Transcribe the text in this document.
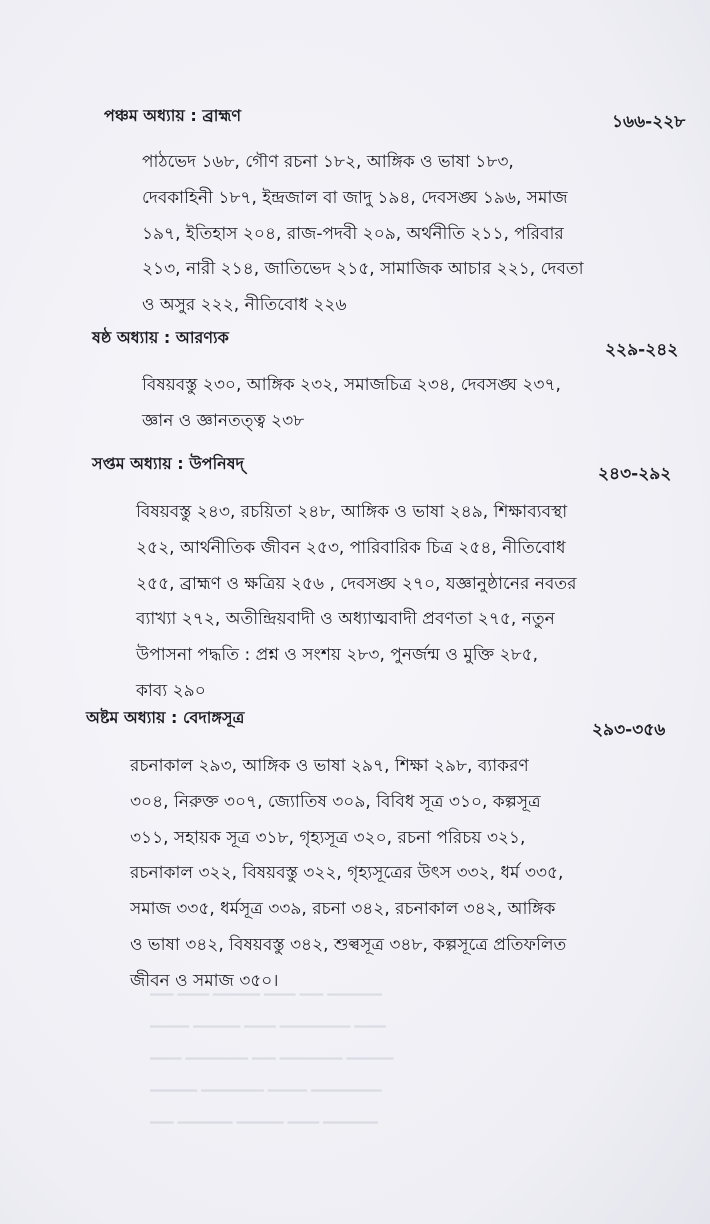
━━━ ━━━━ ━━━━━━ ━━━━ ━━━ ━━━━━━━
━━━━━ ━━━━━━ ━━━━ ━━━━━━━━━ ━━━━
━━━━ ━━━━━━━━ ━━━ ━━━━━━━━ ━━━━━━
━━━━━━ ━━━━━━━━ ━━━━━ ━━━━━━━━━
━━━ ━━━━━━━ ━━━━━━ ━━━━ ━━━━━━━
পঞ্চম অধ্যায় : ব্রাহ্মণ	১৬৬-২২৮
পাঠভেদ ১৬৮, গৌণ রচনা ১৮২, আঙ্গিক ও ভাষা ১৮৩,
দেবকাহিনী ১৮৭, ইন্দ্রজাল বা জাদু ১৯৪, দেবসঙ্ঘ ১৯৬, সমাজ
১৯৭, ইতিহাস ২০৪, রাজ-পদবী ২০৯, অর্থনীতি ২১১, পরিবার
২১৩, নারী ২১৪, জাতিভেদ ২১৫, সামাজিক আচার ২২১, দেবতা
ও অসুর ২২২, নীতিবোধ ২২৬
ষষ্ঠ অধ্যায় : আরণ্যক
২২৯-২৪২
বিষয়বস্তু ২৩০, আঙ্গিক ২৩২, সমাজচিত্র ২৩৪, দেবসঙ্ঘ ২৩৭,
জ্ঞান ও জ্ঞানতত্ত্ব ২৩৮
সপ্তম অধ্যায় : উপনিষদ্
২৪৩-২৯২
বিষয়বস্তু ২৪৩, রচয়িতা ২৪৮, আঙ্গিক ও ভাষা ২৪৯, শিক্ষাব্যবস্থা
২৫২, আর্থনীতিক জীবন ২৫৩, পারিবারিক চিত্র ২৫৪, নীতিবোধ
২৫৫, ব্রাহ্মণ ও ক্ষত্রিয় ২৫৬ , দেবসঙ্ঘ ২৭০, যজ্ঞানুষ্ঠানের নবতর
ব্যাখ্যা ২৭২, অতীন্দ্রিয়বাদী ও অধ্যাত্মবাদী প্রবণতা ২৭৫, নতুন
উপাসনা পদ্ধতি : প্রশ্ন ও সংশয় ২৮৩, পুনর্জন্ম ও মুক্তি ২৮৫,
কাব্য ২৯০
অষ্টম অধ্যায় : বেদাঙ্গসূত্র
২৯৩-৩৫৬
রচনাকাল ২৯৩, আঙ্গিক ও ভাষা ২৯৭, শিক্ষা ২৯৮, ব্যাকরণ
৩০৪, নিরুক্ত ৩০৭, জ্যোতিষ ৩০৯, বিবিধ সূত্র ৩১০, কল্পসূত্র
৩১১, সহায়ক সূত্র ৩১৮, গৃহ্যসূত্র ৩২০, রচনা পরিচয় ৩২১,
রচনাকাল ৩২২, বিষয়বস্তু ৩২২, গৃহ্যসূত্রের উৎস ৩৩২, ধর্ম ৩৩৫,
সমাজ ৩৩৫, ধর্মসূত্র ৩৩৯, রচনা ৩৪২, রচনাকাল ৩৪২, আঙ্গিক
ও ভাষা ৩৪২, বিষয়বস্তু ৩৪২, শুল্বসূত্র ৩৪৮, কল্পসূত্রে প্রতিফলিত
জীবন ও সমাজ ৩৫০।
